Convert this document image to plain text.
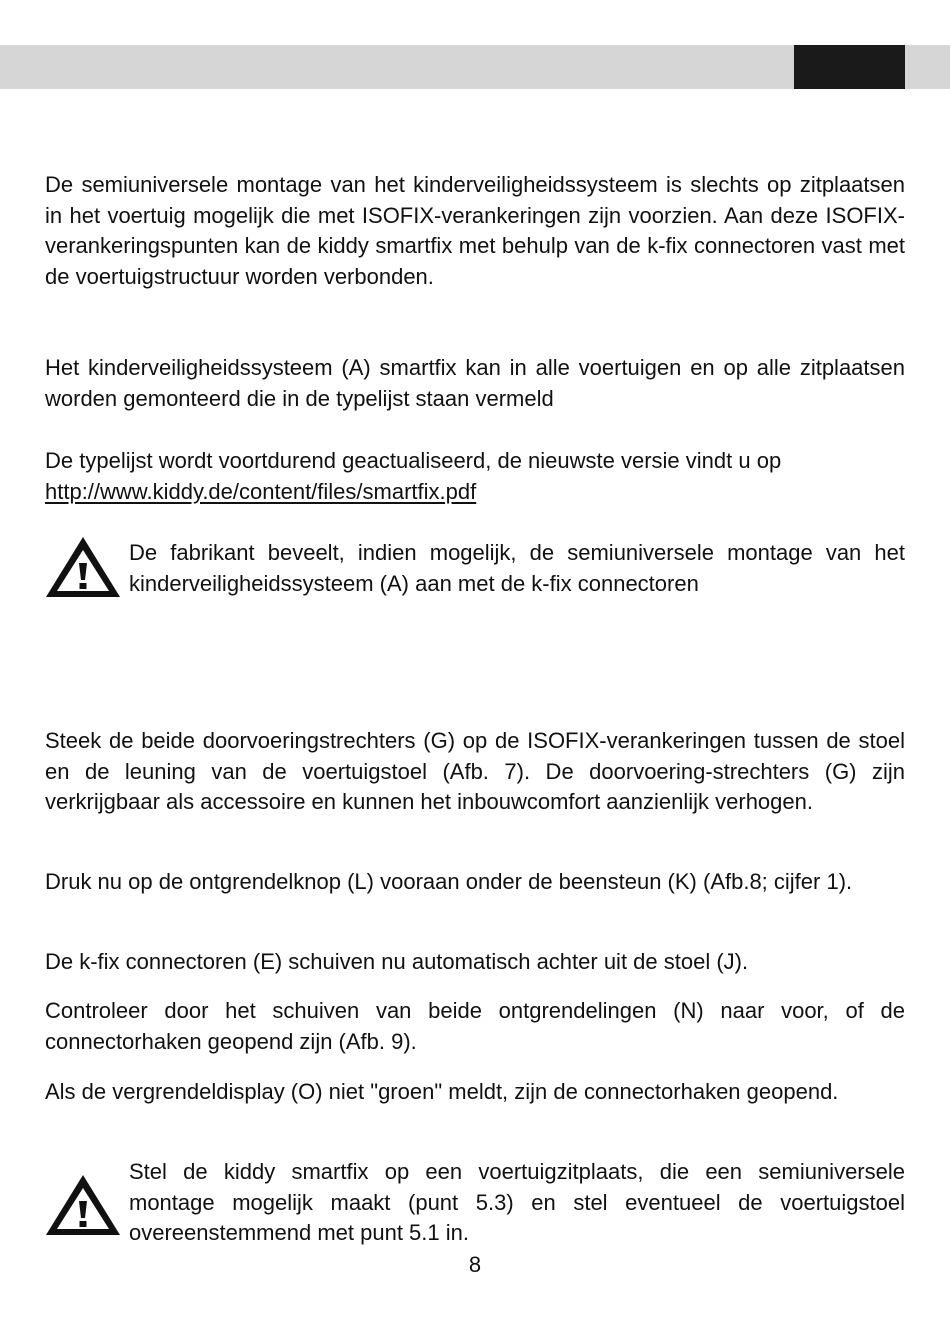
De semiuniversele montage van het kinderveiligheidssysteem is slechts op zitplaatsen in het voertuig mogelijk die met ISOFIX-verankeringen zijn voorzien. Aan deze ISOFIX-verankeringspunten kan de kiddy smartfix met behulp van de k-fix connectoren vast met de voertuigstructuur worden verbonden.

Het kinderveiligheidssysteem (A) smartfix kan in alle voertuigen en op alle zitplaatsen worden gemonteerd die in de typelijst staan vermeld

De typelijst wordt voortdurend geactualiseerd, de nieuwste versie vindt u op
http://www.kiddy.de/content/files/smartfix.pdf

De fabrikant beveelt, indien mogelijk, de semiuniversele montage van het kinderveiligheidssysteem (A) aan met de k-fix connectoren

Steek de beide doorvoeringstrechters (G) op de ISOFIX-verankeringen tussen de stoel en de leuning van de voertuigstoel (Afb. 7). De doorvoering-strechters (G) zijn verkrijgbaar als accessoire en kunnen het inbouwcomfort aanzienlijk verhogen.

Druk nu op de ontgrendelknop (L) vooraan onder de beensteun (K) (Afb.8; cijfer 1).

De k-fix connectoren (E) schuiven nu automatisch achter uit de stoel (J).

Controleer door het schuiven van beide ontgrendelingen (N) naar voor, of de connectorhaken geopend zijn (Afb. 9).

Als de vergrendeldisplay (O) niet "groen" meldt, zijn de connectorhaken geopend.

Stel de kiddy smartfix op een voertuigzitplaats, die een semiuniversele montage mogelijk maakt (punt 5.3) en stel eventueel de voertuigstoel overeenstemmend met punt 5.1 in.

8
